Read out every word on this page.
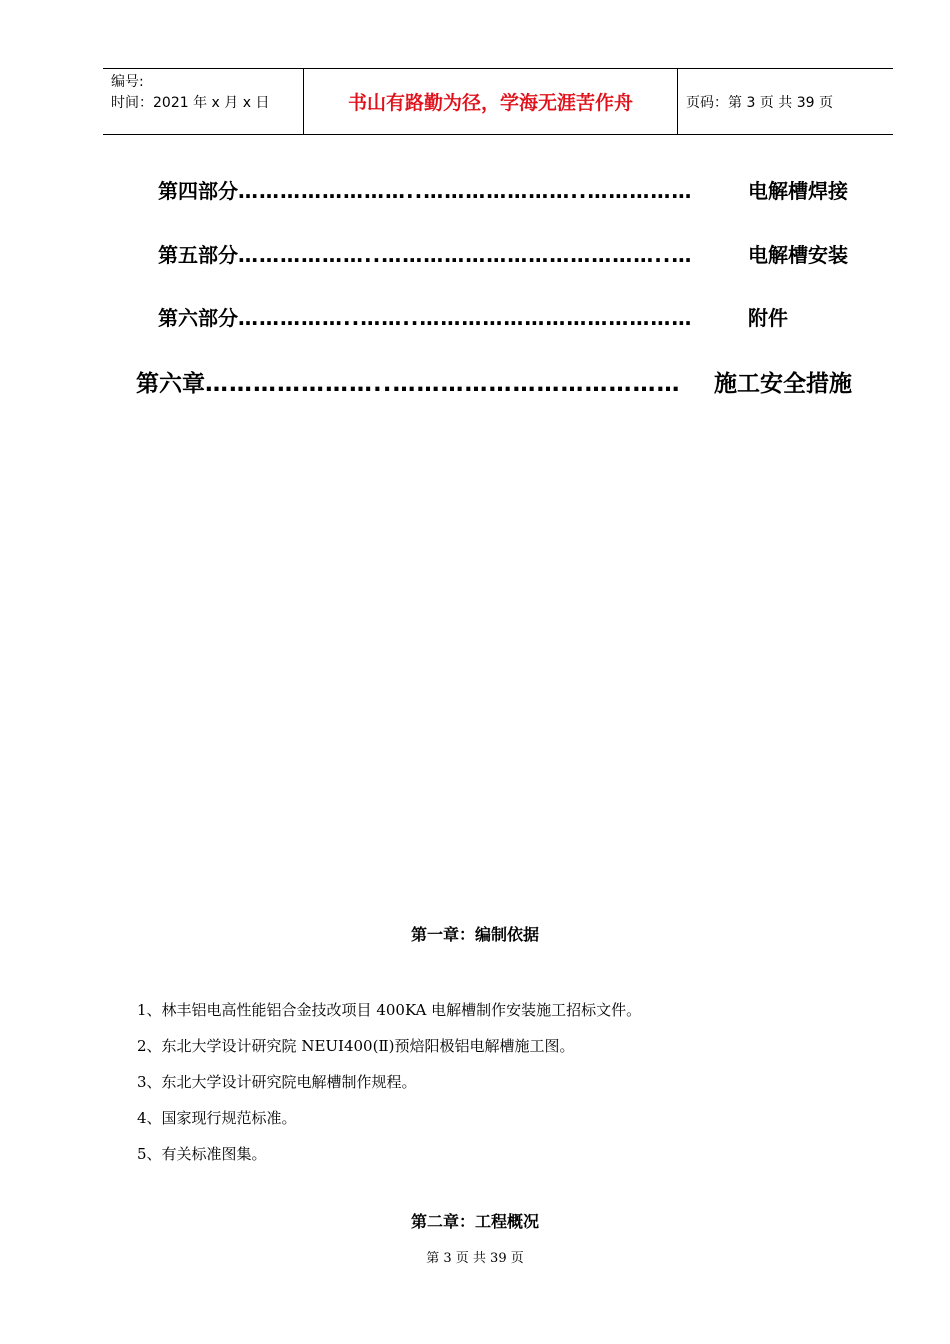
编号:
时间：2021 年 x 月 x 日	书山有路勤为径，学海无涯苦作舟	页码：第 3 页 共 39 页
第四部分 ……………………..…………………..……………	电解槽焊接
第五部分 ………………..…………………………………..…	电解槽安装
第六部分 ……………..……..…………………………………	附件
第六章 …………………..………………………………	施工安全措施
第一章：编制依据
1、林丰铝电高性能铝合金技改项目 400KA 电解槽制作安装施工招标文件。
2、东北大学设计研究院 NEUI400(Ⅱ)预焙阳极铝电解槽施工图。
3、东北大学设计研究院电解槽制作规程。
4、国家现行规范标准。
5、有关标准图集。
第二章：工程概况
第 3 页 共 39 页
